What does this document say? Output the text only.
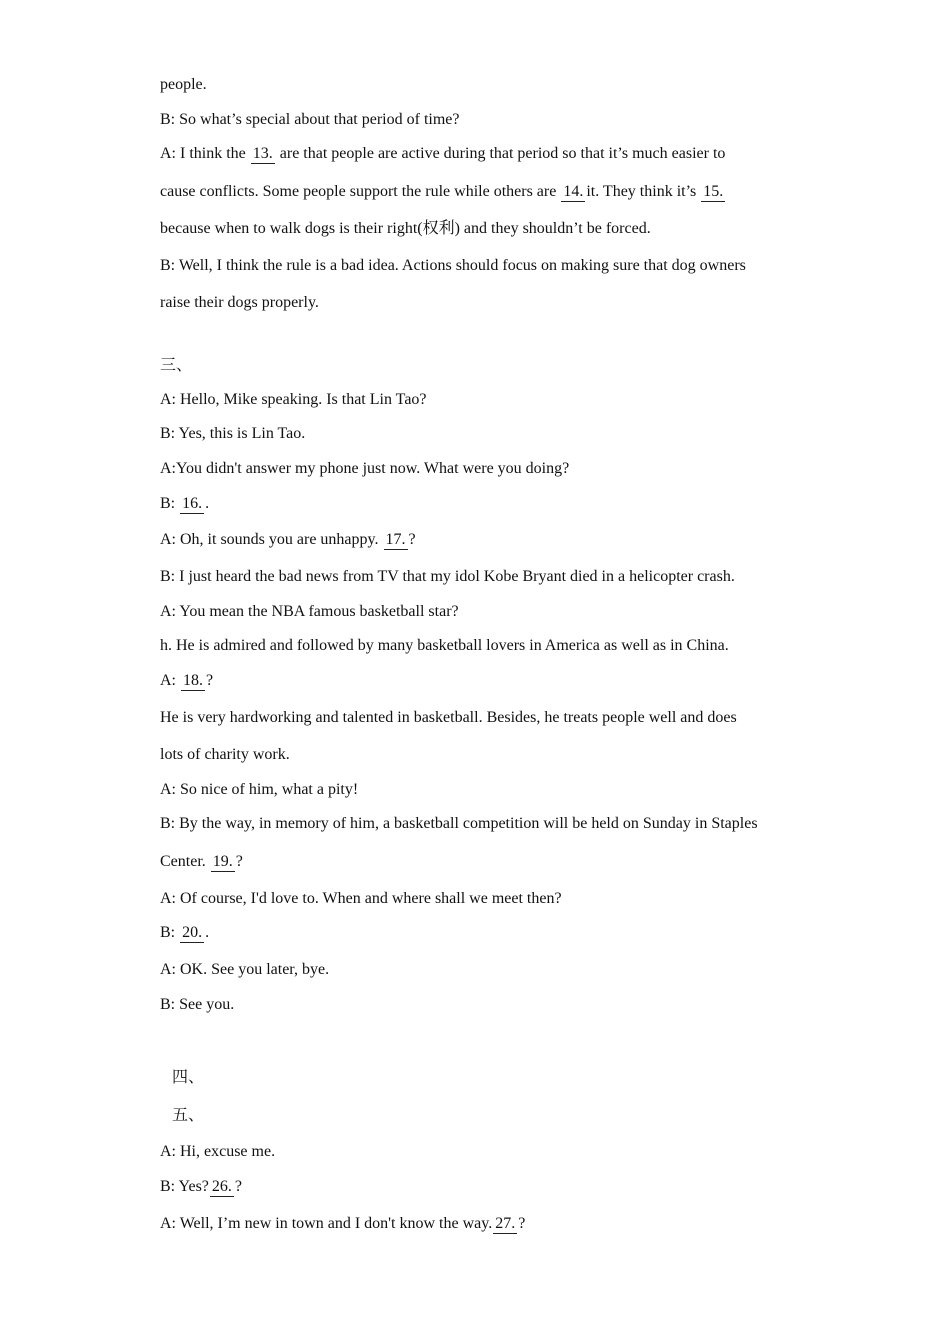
people.
B: So what’s special about that period of time?
A: I think the 13. are that people are active during that period so that it’s much easier to
cause conflicts. Some people support the rule while others are 14.it. They think it’s 15.
because when to walk dogs is their right(权利) and they shouldn’t be forced.
B: Well, I think the rule is a bad idea. Actions should focus on making sure that dog owners
raise their dogs properly.
三、
A: Hello, Mike speaking. Is that Lin Tao?
B: Yes, this is Lin Tao.
A:You didn't answer my phone just now. What were you doing?
B: 16..
A: Oh, it sounds you are unhappy. 17.?
B: I just heard the bad news from TV that my idol Kobe Bryant died in a helicopter crash.
A: You mean the NBA famous basketball star?
h. He is admired and followed by many basketball lovers in America as well as in China.
A: 18.?
He is very hardworking and talented in basketball. Besides, he treats people well and does
lots of charity work.
A: So nice of him, what a pity!
B: By the way, in memory of him, a basketball competition will be held on Sunday in Staples
Center. 19.?
A: Of course, I'd love to. When and where shall we meet then?
B: 20..
A: OK. See you later, bye.
B: See you.
四、
五、
A: Hi, excuse me.
B: Yes? 26.?
A: Well, I’m new in town and I don't know the way. 27.?
